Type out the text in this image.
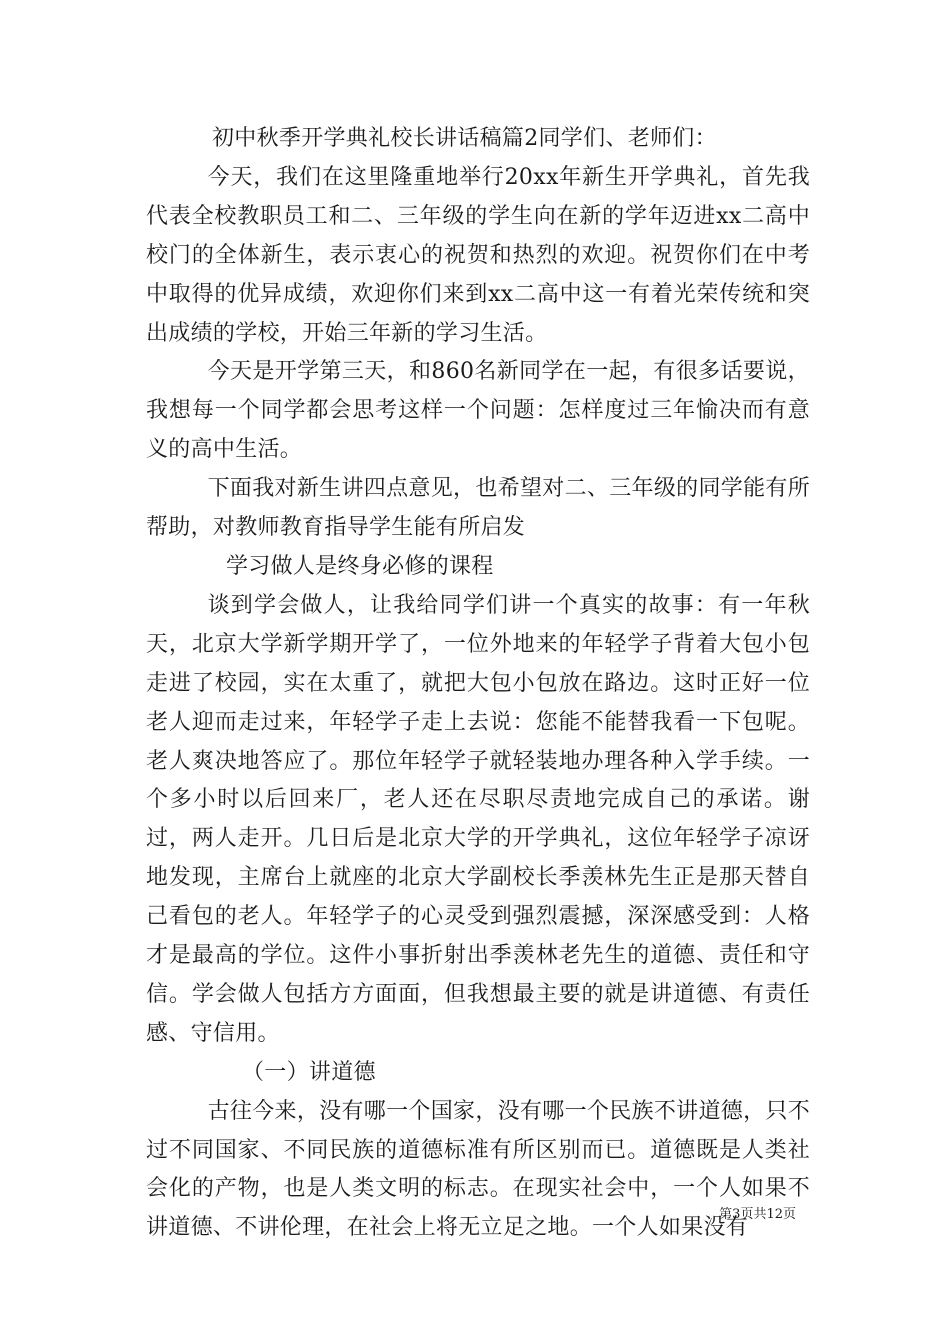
初中秋季开学典礼校长讲话稿篇2同学们、老师们：

今天，我们在这里隆重地举行20xx年新生开学典礼，首先我代表全校教职员工和二、三年级的学生向在新的学年迈进xx二高中校门的全体新生，表示衷心的祝贺和热烈的欢迎。祝贺你们在中考中取得的优异成绩，欢迎你们来到xx二高中这一有着光荣传统和突出成绩的学校，开始三年新的学习生活。

今天是开学第三天，和860名新同学在一起，有很多话要说，我想每一个同学都会思考这样一个问题：怎样度过三年愉决而有意义的高中生活。

下面我对新生讲四点意见，也希望对二、三年级的同学能有所帮助，对教师教育指导学生能有所启发

学习做人是终身必修的课程

谈到学会做人，让我给同学们讲一个真实的故事：有一年秋天，北京大学新学期开学了，一位外地来的年轻学子背着大包小包走进了校园，实在太重了，就把大包小包放在路边。这时正好一位老人迎而走过来，年轻学子走上去说：您能不能替我看一下包呢。老人爽决地答应了。那位年轻学子就轻装地办理各种入学手续。一个多小时以后回来厂，老人还在尽职尽责地完成自己的承诺。谢过，两人走开。几日后是北京大学的开学典礼，这位年轻学子凉讶地发现，主席台上就座的北京大学副校长季羡林先生正是那天替自己看包的老人。年轻学子的心灵受到强烈震撼，深深感受到：人格才是最高的学位。这件小事折射出季羡林老先生的道德、责任和守信。学会做人包括方方面面，但我想最主要的就是讲道德、有责任感、守信用。

（一）讲道德

古往今来，没有哪一个国家，没有哪一个民族不讲道德，只不过不同国家、不同民族的道德标准有所区别而已。道德既是人类社会化的产物，也是人类文明的标志。在现实社会中，一个人如果不讲道德、不讲伦理，在社会上将无立足之地。一个人如果没有

第3页共12页
